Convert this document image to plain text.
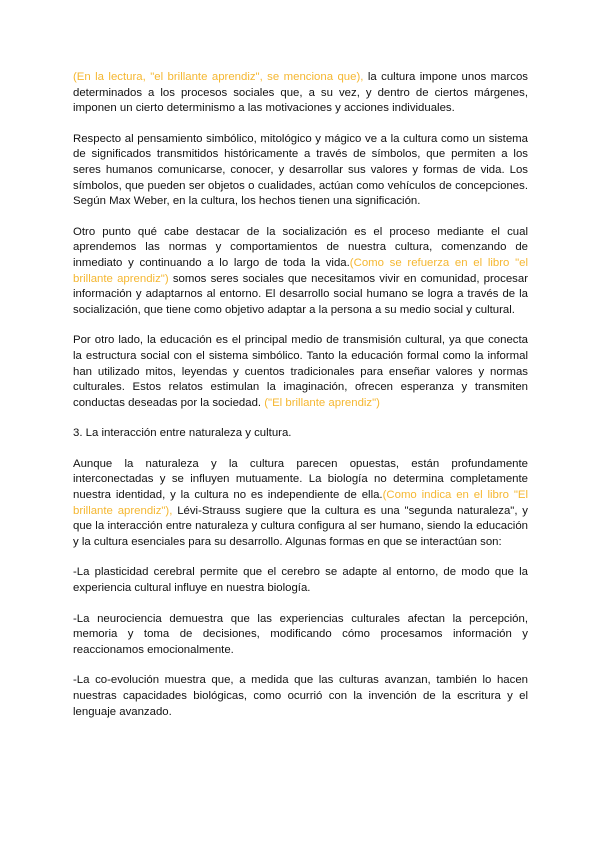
(En la lectura, "el brillante aprendiz", se menciona que), la cultura impone unos marcos determinados a los procesos sociales que, a su vez, y dentro de ciertos márgenes, imponen un cierto determinismo a las motivaciones y acciones individuales.

Respecto al pensamiento simbólico, mitológico y mágico ve a la cultura como un sistema de significados transmitidos históricamente a través de símbolos, que permiten a los seres humanos comunicarse, conocer, y desarrollar sus valores y formas de vida. Los símbolos, que pueden ser objetos o cualidades, actúan como vehículos de concepciones. Según Max Weber, en la cultura, los hechos tienen una significación.

Otro punto qué cabe destacar de la socialización es el proceso mediante el cual aprendemos las normas y comportamientos de nuestra cultura, comenzando de inmediato y continuando a lo largo de toda la vida.(Como se refuerza en el libro "el brillante aprendiz") somos seres sociales que necesitamos vivir en comunidad, procesar información y adaptarnos al entorno. El desarrollo social humano se logra a través de la socialización, que tiene como objetivo adaptar a la persona a su medio social y cultural.

Por otro lado, la educación es el principal medio de transmisión cultural, ya que conecta la estructura social con el sistema simbólico. Tanto la educación formal como la informal han utilizado mitos, leyendas y cuentos tradicionales para enseñar valores y normas culturales. Estos relatos estimulan la imaginación, ofrecen esperanza y transmiten conductas deseadas por la sociedad. ("El brillante aprendiz")

3. La interacción entre naturaleza y cultura.

Aunque la naturaleza y la cultura parecen opuestas, están profundamente interconectadas y se influyen mutuamente. La biología no determina completamente nuestra identidad, y la cultura no es independiente de ella.(Como indica en el libro "El brillante aprendiz"), Lévi-Strauss sugiere que la cultura es una "segunda naturaleza", y que la interacción entre naturaleza y cultura configura al ser humano, siendo la educación y la cultura esenciales para su desarrollo. Algunas formas en que se interactúan son:

-La plasticidad cerebral permite que el cerebro se adapte al entorno, de modo que la experiencia cultural influye en nuestra biología.

-La neurociencia demuestra que las experiencias culturales afectan la percepción, memoria y toma de decisiones, modificando cómo procesamos información y reaccionamos emocionalmente.

-La co-evolución muestra que, a medida que las culturas avanzan, también lo hacen nuestras capacidades biológicas, como ocurrió con la invención de la escritura y el lenguaje avanzado.
